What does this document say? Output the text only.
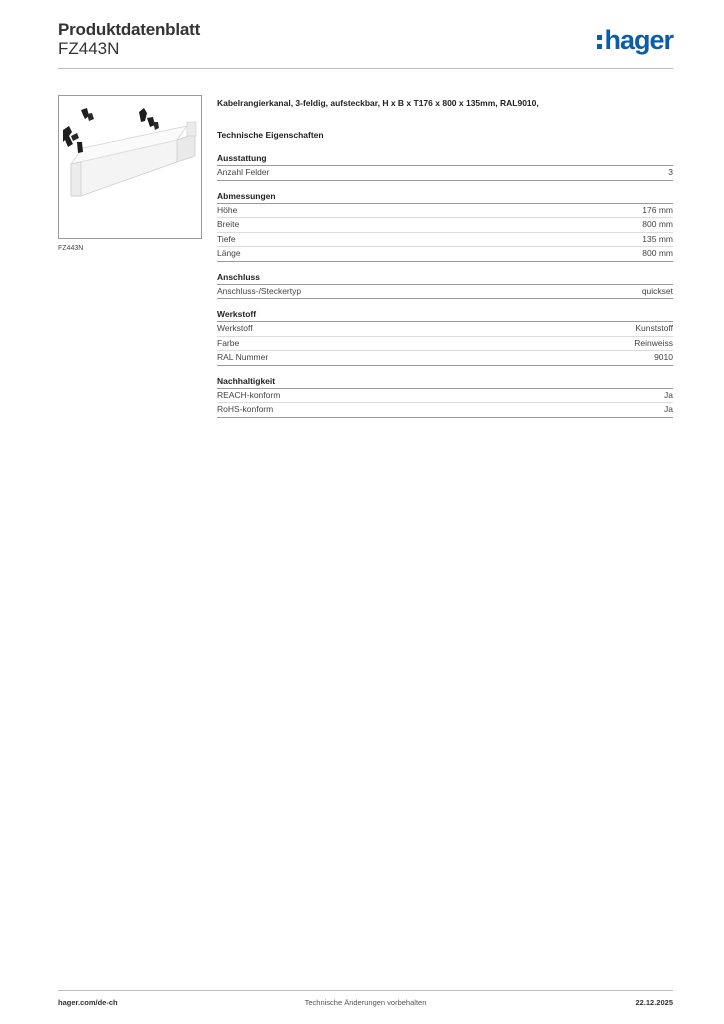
Produktdatenblatt
FZ443N	hager
FZ443N
Kabelrangierkanal, 3-feldig, aufsteckbar, H x B x T176 x 800 x 135mm, RAL9010,
Technische Eigenschaften
Ausstattung
Anzahl Felder	3
Abmessungen
Höhe	176 mm
Breite	800 mm
Tiefe	135 mm
Länge	800 mm
Anschluss
Anschluss-/Steckertyp	quickset
Werkstoff
Werkstoff	Kunststoff
Farbe	Reinweiss
RAL Nummer	9010
Nachhaltigkeit
REACH-konform	Ja
RoHS-konform	Ja
hager.com/de-ch	Technische Änderungen vorbehalten	22.12.2025
